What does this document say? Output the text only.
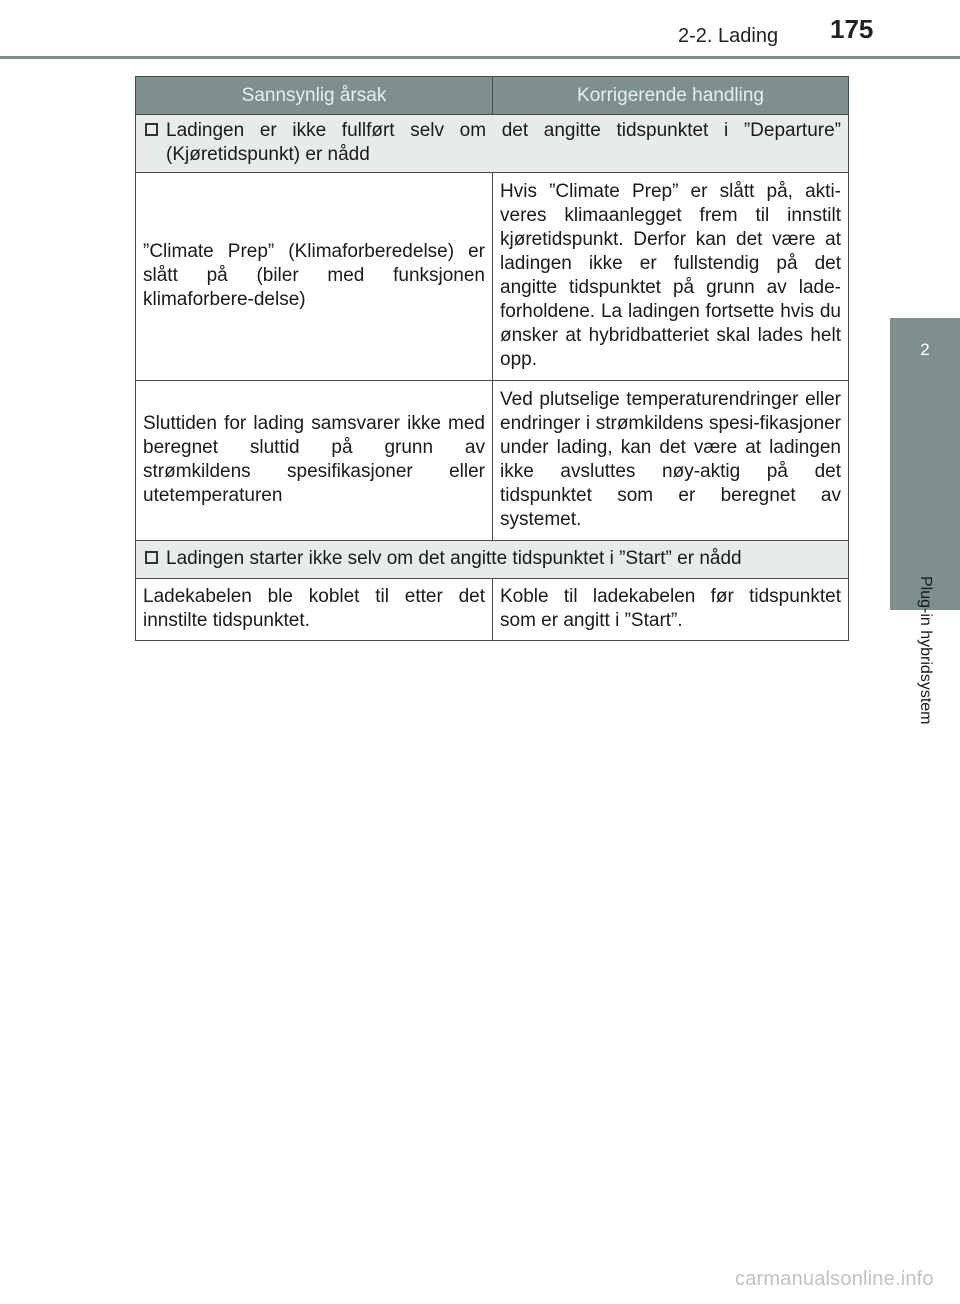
2-2. Lading	175
2
Plug-in hybridsystem
Sannsynlig årsak	Korrigerende handling

Ladingen er ikke fullført selv om det angitte tidspunktet i ”Departure” (Kjøretidspunkt) er nådd	

”Climate Prep” (Klimaforberedelse) er slått på (biler med funksjonen klimaforbere-delse)	Hvis ”Climate Prep” er slått på, akti-veres klimaanlegget frem til innstilt kjøretidspunkt. Derfor kan det være at ladingen ikke er fullstendig på det angitte tidspunktet på grunn av lade-forholdene. La ladingen fortsette hvis du ønsker at hybridbatteriet skal lades helt opp.
Sluttiden for lading samsvarer ikke med beregnet sluttid på grunn av strømkildens spesifikasjoner eller utetemperaturen	Ved plutselige temperaturendringer eller endringer i strømkildens spesi-fikasjoner under lading, kan det være at ladingen ikke avsluttes nøy-aktig på det tidspunktet som er beregnet av systemet.

Ladingen starter ikke selv om det angitte tidspunktet i ”Start” er nådd	

Ladekabelen ble koblet til etter det innstilte tidspunktet.	Koble til ladekabelen før tidspunktet som er angitt i ”Start”.
carmanualsonline.info
